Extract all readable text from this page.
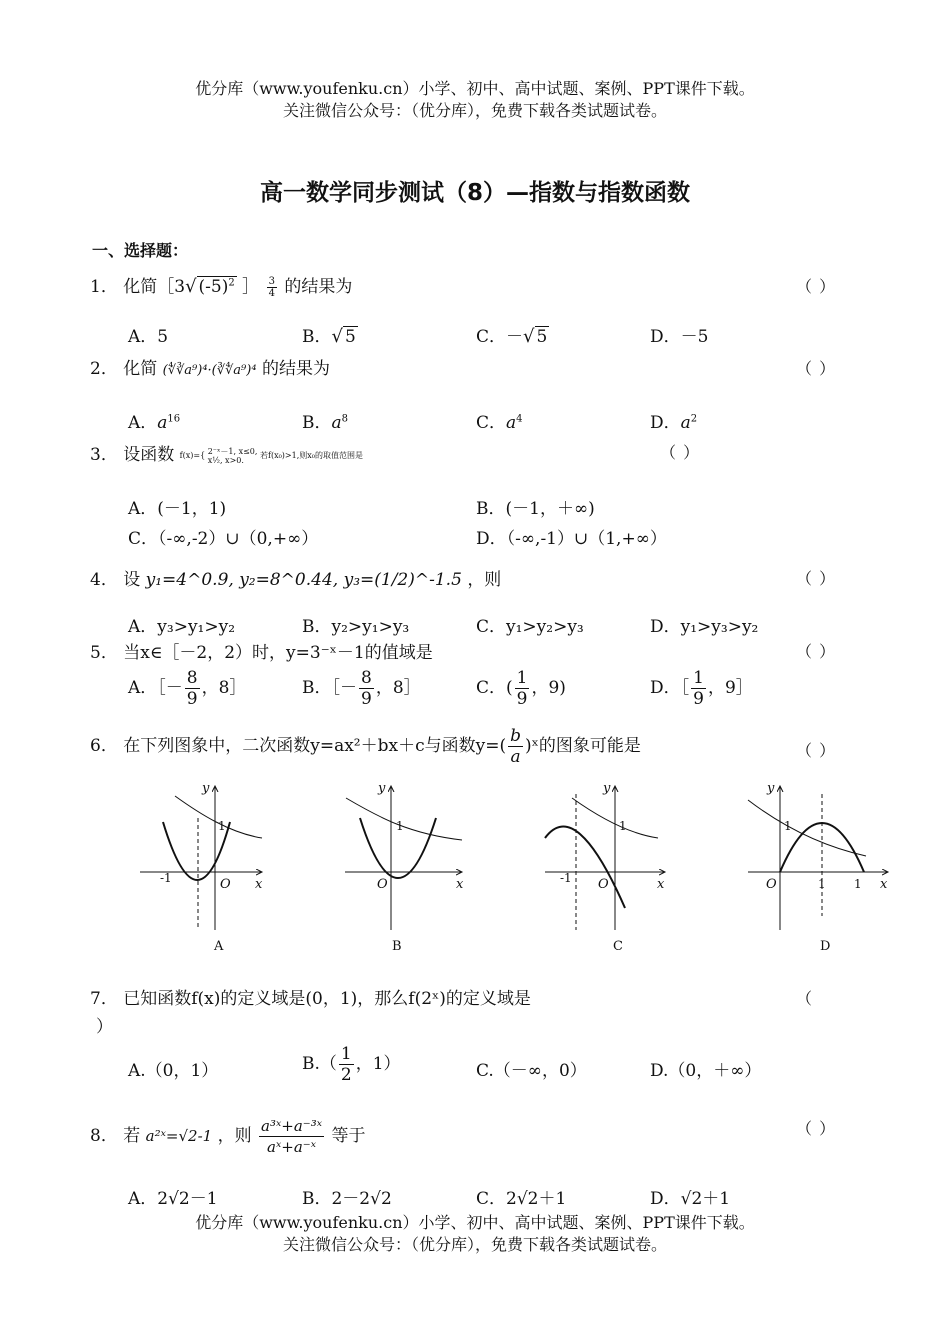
优分库（www.youfenku.cn）小学、初中、高中试题、案例、PPT课件下载。
关注微信公众号：（优分库），免费下载各类试题试卷。
高一数学同步测试（8）—指数与指数函数
一、选择题：
1． 化简［3√ $(-5)^2$ ］ $\frac{3}{4}$ 的结果为	（ ）
A．5	B．√ 5	C．－√ 5	D．－5
2． 化简 (∜∛a⁹)⁴·(∛∜a⁹)⁴ 的结果为	（ ）
A．$a^{16}$	B．$a^8$	C．$a^4$	D．$a^2$
3． 设函数 f(x)={ 2⁻ˣ－1, x≤0,
x½, x>0.
若f(x₀)>1,则x₀的取值范围是	（ ）
A．(－1，1)	B．(－1，＋∞)
C．（-∞,-2）∪（0,+∞）	D．（-∞,-1）∪（1,+∞）
4． 设 y₁=4^0.9, y₂=8^0.44, y₃=(1/2)^-1.5 ，则	（ ）
A．y₃>y₁>y₂	B．y₂>y₁>y₃	C．y₁>y₂>y₃	D．y₁>y₃>y₂
5． 当x∈［－2，2）时，y=3⁻ˣ－1的值域是	（ ）
A．［－ $\frac{8}{9}$ ，8］	B．［－ $\frac{8}{9}$ ，8］	C．( $\frac{1}{9}$ ，9)	D．［ $\frac{1}{9}$ ，9］
6． 在下列图象中，二次函数y=ax²＋bx＋c与函数$y=( \frac{b}{a}$ )ˣ的图象可能是	（ ）
-1	O x
y
1
A
O	x
y
1
B
-1 O	x
y
1
C
O	1 1 x
y
1
D
7． 已知函数f(x)的定义域是(0，1)，那么f(2ˣ)的定义域是	（
）
A.（0，1）	$B.( \frac{1}{2}$ ，1）	C.（－∞，0）	D.（0，＋∞）
8． 若 a²ˣ=√2-1 ，则 $\frac{\text{a³ˣ+a⁻³ˣ}}{\text{aˣ+a⁻ˣ}}$ 等于	（ ）
A．2√2－1	B．2－2√2	C．2√2＋1	D．√2＋1
优分库（www.youfenku.cn）小学、初中、高中试题、案例、PPT课件下载。
关注微信公众号：（优分库），免费下载各类试题试卷。
